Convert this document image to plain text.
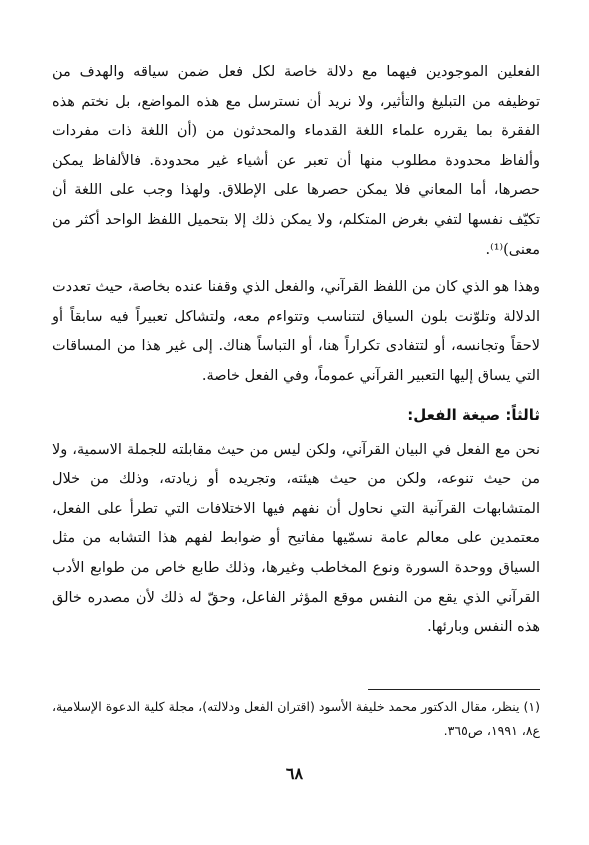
الفعلين الموجودين فيهما مع دلالة خاصة لكل فعل ضمن سياقه والهدف من توظيفه من التبليغ والتأثير، ولا نريد أن نسترسل مع هذه المواضع، بل نختم هذه الفقرة بما يقرره علماء اللغة القدماء والمحدثون من (أن اللغة ذات مفردات وألفاظ محدودة مطلوب منها أن تعبر عن أشياء غير محدودة. فالألفاظ يمكن حصرها، أما المعاني فلا يمكن حصرها على الإطلاق. ولهذا وجب على اللغة أن تكيّف نفسها لتفي بغرض المتكلم، ولا يمكن ذلك إلا بتحميل اللفظ الواحد أكثر من معنى)⁽¹⁾.

وهذا هو الذي كان من اللفظ القرآني، والفعل الذي وقفنا عنده بخاصة، حيث تعددت الدلالة وتلوّنت بلون السياق لتتناسب وتتواءم معه، ولتشاكل تعبيراً فيه سابقاً أو لاحقاً وتجانسه، أو لتتفادى تكراراً هنا، أو التباساً هناك. إلى غير هذا من المساقات التي يساق إليها التعبير القرآني عموماً، وفي الفعل خاصة.

ثالثاً: صيغة الفعل:

نحن مع الفعل في البيان القرآني، ولكن ليس من حيث مقابلته للجملة الاسمية، ولا من حيث تنوعه، ولكن من حيث هيئته، وتجريده أو زيادته، وذلك من خلال المتشابهات القرآنية التي نحاول أن نفهم فيها الاختلافات التي تطرأ على الفعل، معتمدين على معالم عامة نسمّيها مفاتيح أو ضوابط لفهم هذا التشابه من مثل السياق ووحدة السورة ونوع المخاطب وغيرها، وذلك طابع خاص من طوابع الأدب القرآني الذي يقع من النفس موقع المؤثر الفاعل، وحقّ له ذلك لأن مصدره خالق هذه النفس وبارئها.

(١) ينظر، مقال الدكتور محمد خليفة الأسود (اقتران الفعل ودلالته)، مجلة كلية الدعوة الإسلامية، ع٨، ١٩٩١، ص٣٦٥.

٦٨
